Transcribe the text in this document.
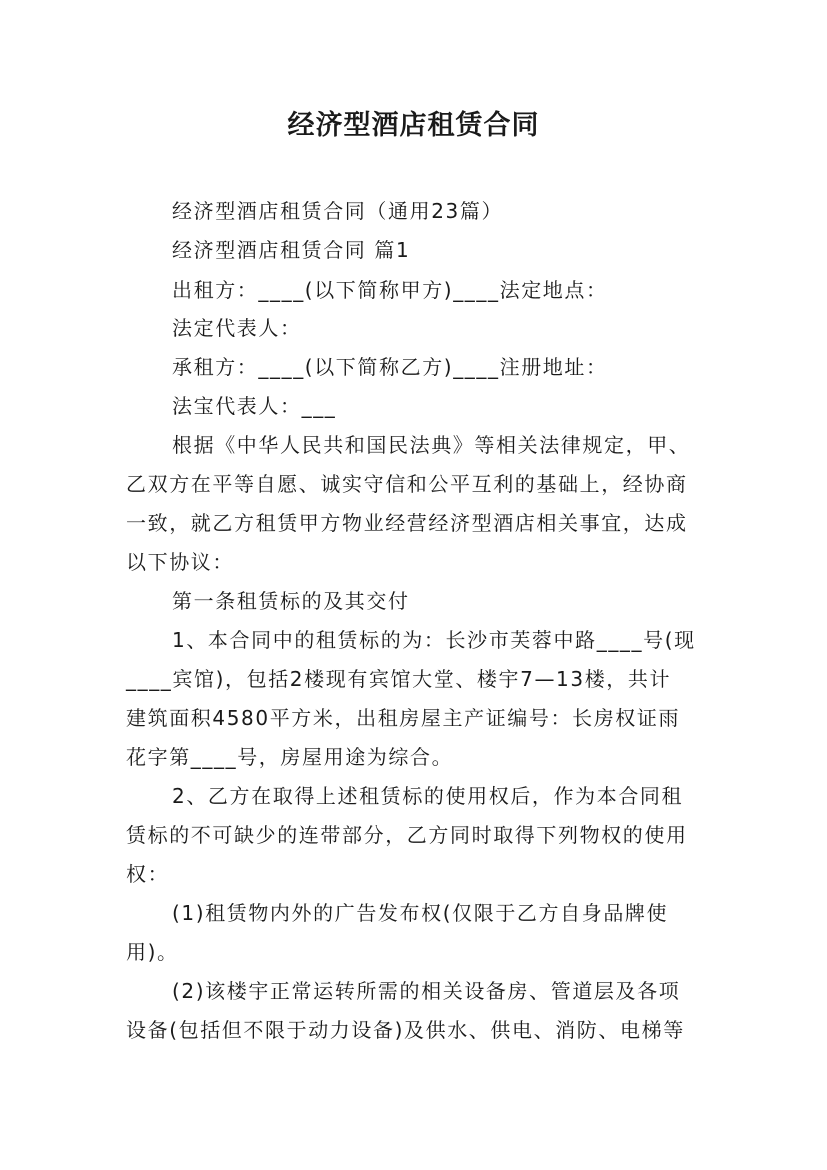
经济型酒店租赁合同
经济型酒店租赁合同（通用23篇）
经济型酒店租赁合同 篇1
出租方：____(以下简称甲方)____法定地点：
法定代表人：
承租方：____(以下简称乙方)____注册地址：
法宝代表人：___
根据《中华人民共和国民法典》等相关法律规定，甲、
乙双方在平等自愿、诚实守信和公平互利的基础上，经协商
一致，就乙方租赁甲方物业经营经济型酒店相关事宜，达成
以下协议：
第一条租赁标的及其交付
1、本合同中的租赁标的为：长沙市芙蓉中路____号(现
____宾馆)，包括2楼现有宾馆大堂、楼宇7—13楼，共计
建筑面积4580平方米，出租房屋主产证编号：长房权证雨
花字第____号，房屋用途为综合。
2、乙方在取得上述租赁标的使用权后，作为本合同租
赁标的不可缺少的连带部分，乙方同时取得下列物权的使用
权：
(1)租赁物内外的广告发布权(仅限于乙方自身品牌使
用)。
(2)该楼宇正常运转所需的相关设备房、管道层及各项
设备(包括但不限于动力设备)及供水、供电、消防、电梯等
